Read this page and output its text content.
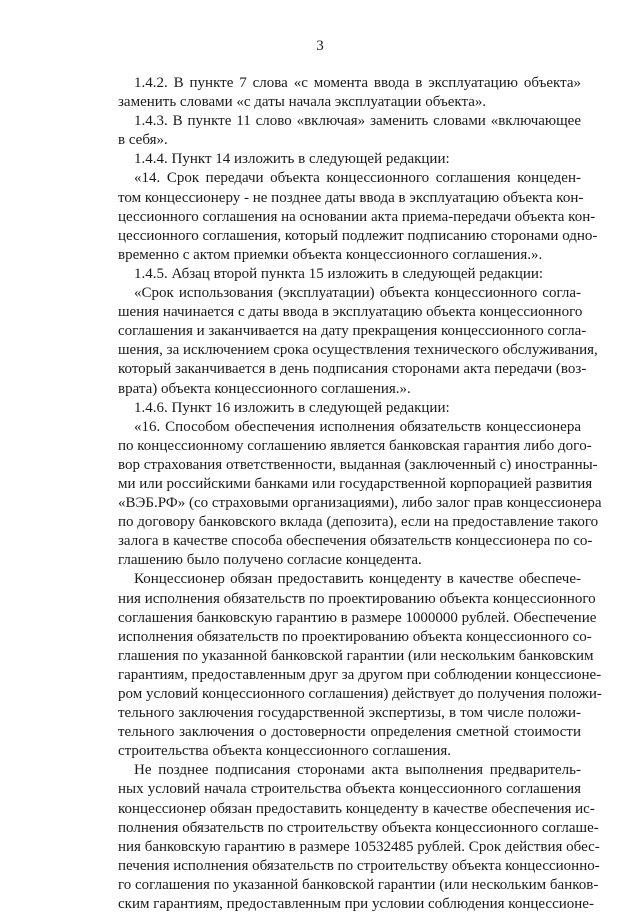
3
1.4.2. В пункте 7 слова «с момента ввода в эксплуатацию объекта»
заменить словами «с даты начала эксплуатации объекта».
1.4.3. В пункте 11 слово «включая» заменить словами «включающее
в себя».
1.4.4. Пункт 14 изложить в следующей редакции:
«14. Срок передачи объекта концессионного соглашения концеден-
том концессионеру - не позднее даты ввода в эксплуатацию объекта кон-
цессионного соглашения на основании акта приема-передачи объекта кон-
цессионного соглашения, который подлежит подписанию сторонами одно-
временно с актом приемки объекта концессионного соглашения.».
1.4.5. Абзац второй пункта 15 изложить в следующей редакции:
«Срок использования (эксплуатации) объекта концессионного согла-
шения начинается с даты ввода в эксплуатацию объекта концессионного
соглашения и заканчивается на дату прекращения концессионного согла-
шения, за исключением срока осуществления технического обслуживания,
который заканчивается в день подписания сторонами акта передачи (воз-
врата) объекта концессионного соглашения.».
1.4.6. Пункт 16 изложить в следующей редакции:
«16. Способом обеспечения исполнения обязательств концессионера
по концессионному соглашению является банковская гарантия либо догo-
вор страхования ответственности, выданная (заключенный с) иностранны-
ми или российскими банками или государственной корпорацией развития
«ВЭБ.РФ» (со страховыми организациями), либо залог прав концессионера
по договору банковского вклада (депозита), если на предоставление такого
залога в качестве способа обеспечения обязательств концессионера по со-
глашению было получено согласие концедента.
Концессионер обязан предоставить концеденту в качестве обеспече-
ния исполнения обязательств по проектированию объекта концессионного
соглашения банковскую гарантию в размере 1000000 рублей. Обеспечение
исполнения обязательств по проектированию объекта концессионного со-
глашения по указанной банковской гарантии (или нескольким банковским
гарантиям, предоставленным друг за другом при соблюдении концессионе-
ром условий концессионного соглашения) действует до получения положи-
тельного заключения государственной экспертизы, в том числе положи-
тельного заключения о достоверности определения сметной стоимости
строительства объекта концессионного соглашения.
Не позднее подписания сторонами акта выполнения предваритель-
ных условий начала строительства объекта концессионного соглашения
концессионер обязан предоставить концеденту в качестве обеспечения ис-
полнения обязательств по строительству объекта концессионного соглаше-
ния банковскую гарантию в размере 10532485 рублей. Срок действия обес-
печения исполнения обязательств по строительству объекта концессионно-
го соглашения по указанной банковской гарантии (или нескольким банков-
ским гарантиям, предоставленным при условии соблюдения концессионе-
